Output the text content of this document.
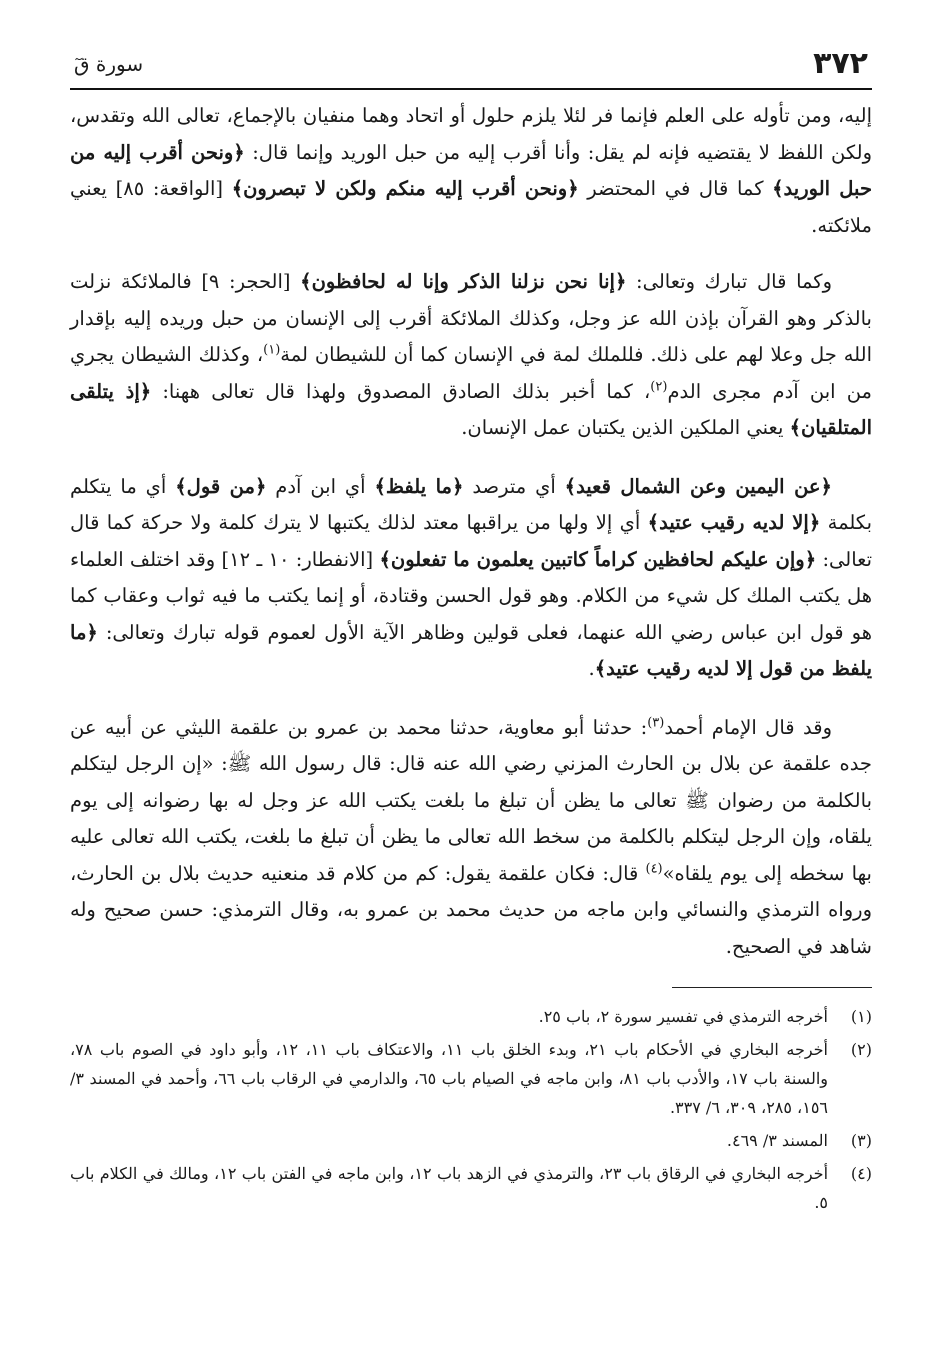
٣٧٢
سورة قٓ

إليه، ومن تأوله على العلم فإنما فر لئلا يلزم حلول أو اتحاد وهما منفيان بالإجماع، تعالى الله وتقدس، ولكن اللفظ لا يقتضيه فإنه لم يقل: وأنا أقرب إليه من حبل الوريد وإنما قال: ﴿ونحن أقرب إليه من حبل الوريد﴾ كما قال في المحتضر ﴿ونحن أقرب إليه منكم ولكن لا تبصرون﴾ [الواقعة: ٨٥] يعني ملائكته.

وكما قال تبارك وتعالى: ﴿إنا نحن نزلنا الذكر وإنا له لحافظون﴾ [الحجر: ٩] فالملائكة نزلت بالذكر وهو القرآن بإذن الله عز وجل، وكذلك الملائكة أقرب إلى الإنسان من حبل وريده إليه بإقدار الله جل وعلا لهم على ذلك. فللملك لمة في الإنسان كما أن للشيطان لمة$^{(١)}$، وكذلك الشيطان يجري من ابن آدم مجرى الدم$^{(٢)}$، كما أخبر بذلك الصادق المصدوق ولهذا قال تعالى ههنا: ﴿إذ يتلقى المتلقيان﴾ يعني الملكين الذين يكتبان عمل الإنسان.

﴿عن اليمين وعن الشمال قعيد﴾ أي مترصد ﴿ما يلفظ﴾ أي ابن آدم ﴿من قول﴾ أي ما يتكلم بكلمة ﴿إلا لديه رقيب عتيد﴾ أي إلا ولها من يراقبها معتد لذلك يكتبها لا يترك كلمة ولا حركة كما قال تعالى: ﴿وإن عليكم لحافظين كراماً كاتبين يعلمون ما تفعلون﴾ [الانفطار: ١٠ ـ ١٢] وقد اختلف العلماء هل يكتب الملك كل شيء من الكلام. وهو قول الحسن وقتادة، أو إنما يكتب ما فيه ثواب وعقاب كما هو قول ابن عباس رضي الله عنهما، فعلى قولين وظاهر الآية الأول لعموم قوله تبارك وتعالى: ﴿ما يلفظ من قول إلا لديه رقيب عتيد﴾.

وقد قال الإمام أحمد$^{(٣)}$: حدثنا أبو معاوية، حدثنا محمد بن عمرو بن علقمة الليثي عن أبيه عن جده علقمة عن بلال بن الحارث المزني رضي الله عنه قال: قال رسول الله ﷺ: «إن الرجل ليتكلم بالكلمة من رضوان ﷺ تعالى ما يظن أن تبلغ ما بلغت يكتب الله عز وجل له بها رضوانه إلى يوم يلقاه، وإن الرجل ليتكلم بالكلمة من سخط الله تعالى ما يظن أن تبلغ ما بلغت، يكتب الله تعالى عليه بها سخطه إلى يوم يلقاه»$^{(٤)}$ قال: فكان علقمة يقول: كم من كلام قد منعنيه حديث بلال بن الحارث، ورواه الترمذي والنسائي وابن ماجه من حديث محمد بن عمرو به، وقال الترمذي: حسن صحيح وله شاهد في الصحيح.

(١)
أخرجه الترمذي في تفسير سورة ٢، باب ٢٥.
(٢)
أخرجه البخاري في الأحكام باب ٢١، وبدء الخلق باب ١١، والاعتكاف باب ١١، ١٢، وأبو داود في الصوم باب ٧٨، والسنة باب ١٧، والأدب باب ٨١، وابن ماجه في الصيام باب ٦٥، والدارمي في الرقاب باب ٦٦، وأحمد في المسند ٣/ ١٥٦، ٢٨٥، ٣٠٩، ٦/ ٣٣٧.
(٣)
المسند ٣/ ٤٦٩.
(٤)
أخرجه البخاري في الرقاق باب ٢٣، والترمذي في الزهد باب ١٢، وابن ماجه في الفتن باب ١٢، ومالك في الكلام باب ٥.
